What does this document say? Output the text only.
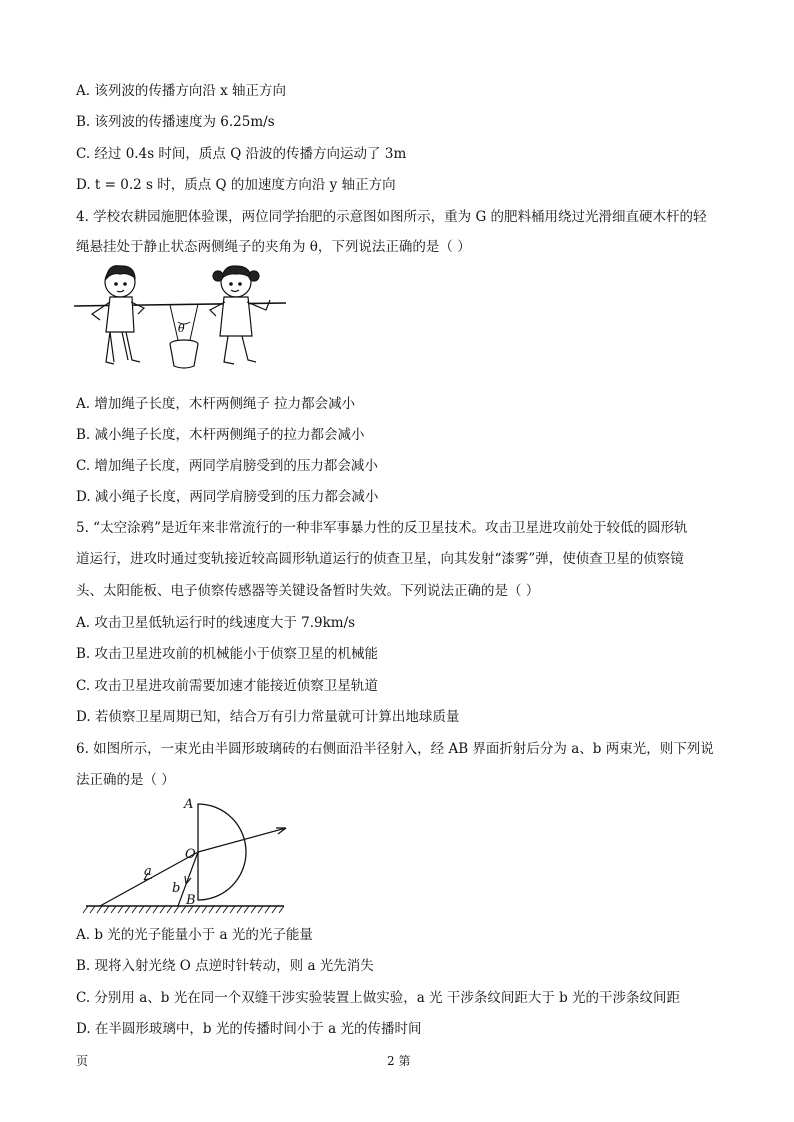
A. 该列波的传播方向沿 x 轴正方向
B. 该列波的传播速度为 6.25m/s
C. 经过 0.4s 时间，质点 Q 沿波的传播方向运动了 3m
D. t = 0.2 s 时，质点 Q 的加速度方向沿 y 轴正方向
4. 学校农耕园施肥体验课，两位同学抬肥的示意图如图所示，重为 G 的肥料桶用绕过光滑细直硬木杆的轻
绳悬挂处于静止状态两侧绳子的夹角为 θ，下列说法正确的是（ ）
θ
A. 增加绳子长度，木杆两侧绳子 拉力都会减小
B. 减小绳子长度，木杆两侧绳子的拉力都会减小
C. 增加绳子长度，两同学肩膀受到的压力都会减小
D. 减小绳子长度，两同学肩膀受到的压力都会减小
5. “太空涂鸦”是近年来非常流行的一种非军事暴力性的反卫星技术。攻击卫星进攻前处于较低的圆形轨
道运行，进攻时通过变轨接近较高圆形轨道运行的侦查卫星，向其发射“漆雾”弹，使侦查卫星的侦察镜
头、太阳能板、电子侦察传感器等关键设备暂时失效。下列说法正确的是（ ）
A. 攻击卫星低轨运行时的线速度大于 7.9km/s
B. 攻击卫星进攻前的机械能小于侦察卫星的机械能
C. 攻击卫星进攻前需要加速才能接近侦察卫星轨道
D. 若侦察卫星周期已知，结合万有引力常量就可计算出地球质量
6. 如图所示，一束光由半圆形玻璃砖的右侧面沿半径射入，经 AB 界面折射后分为 a、b 两束光，则下列说
法正确的是（ ）
A
O
B
a
b
A. b 光的光子能量小于 a 光的光子能量
B. 现将入射光绕 O 点逆时针转动，则 a 光先消失
C. 分别用 a、b 光在同一个双缝干涉实验装置上做实验，a 光 干涉条纹间距大于 b 光的干涉条纹间距
D. 在半圆形玻璃中，b 光的传播时间小于 a 光的传播时间
页	2 第
